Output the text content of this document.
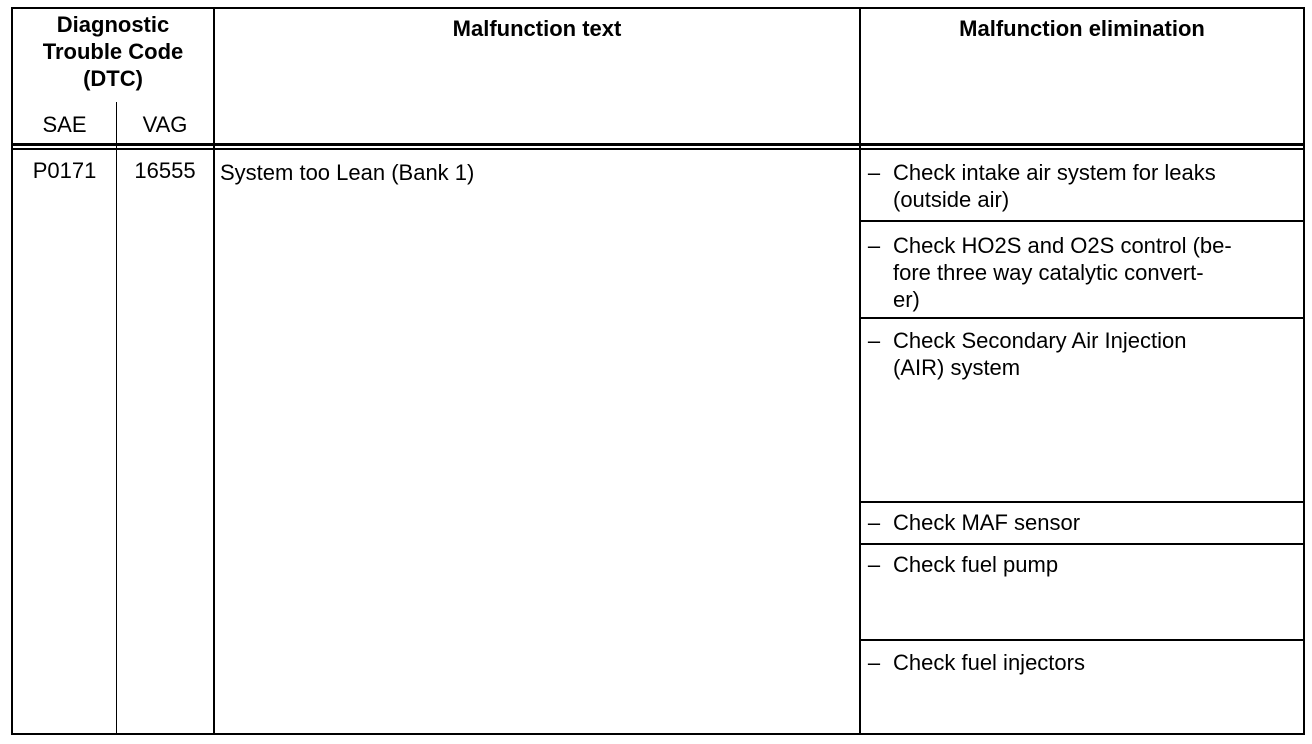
Diagnostic
Trouble Code
(DTC)
SAE	VAG
Malfunction text	Malfunction elimination
P0171	16555	System too Lean (Bank 1)	– Check intake air system for leaks
(outside air)
– Check HO2S and O2S control (be-
fore three way catalytic convert-
er)
– Check Secondary Air Injection
(AIR) system
– Check MAF sensor
– Check fuel pump
– Check fuel injectors
